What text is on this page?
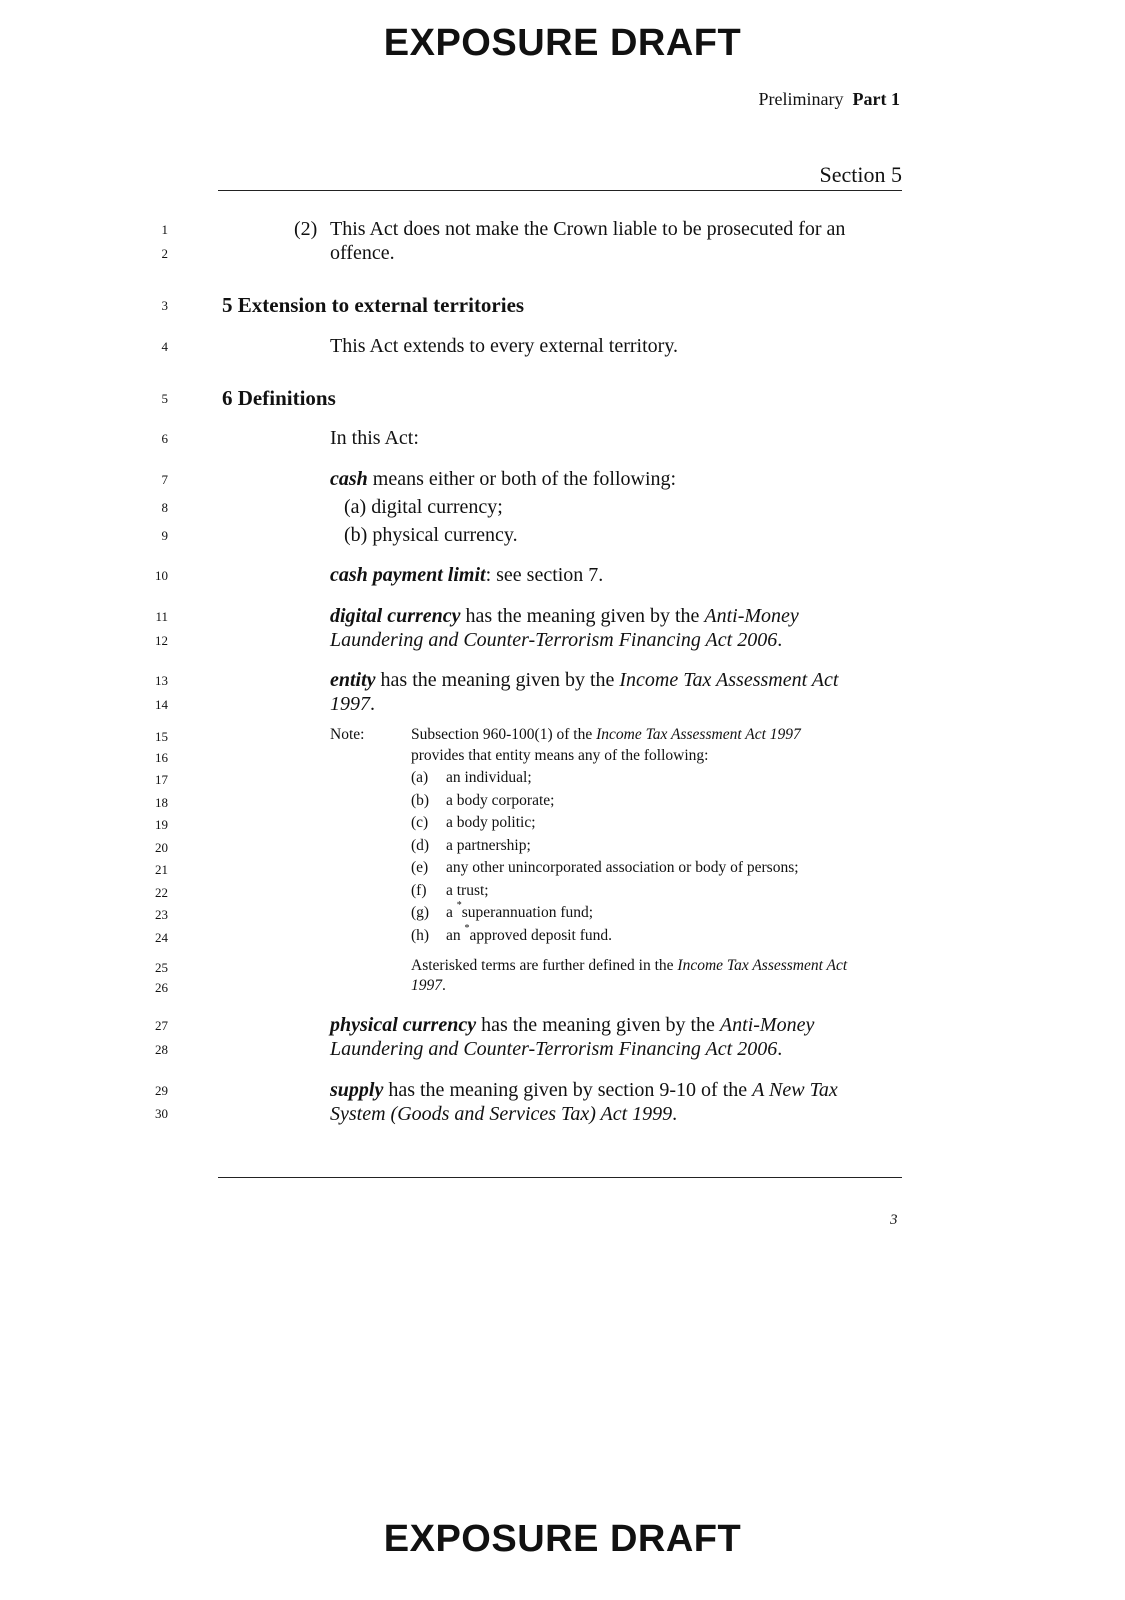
EXPOSURE DRAFT
Preliminary Part 1
Section 5
1
2
3
4
5
6
7
8
9
10
11
12
13
14
15
16
17
18
19
20
21
22
23
24
25
26
27
28
29
30
(2) This Act does not make the Crown liable to be prosecuted for an
offence.
5 Extension to external territories
This Act extends to every external territory.
6 Definitions
In this Act:
cash means either or both of the following:
(a) digital currency;
(b) physical currency.
cash payment limit: see section 7.
digital currency has the meaning given by the Anti-Money
Laundering and Counter-Terrorism Financing Act 2006.
entity has the meaning given by the Income Tax Assessment Act
1997.
Note:	Subsection 960-100(1) of the Income Tax Assessment Act 1997
provides that entity means any of the following:
(a) an individual;
(b) a body corporate;
(c) a body politic;
(d) a partnership;
(e) any other unincorporated association or body of persons;
(f) a trust;
(g) a *superannuation fund;
(h) an *approved deposit fund.
Asterisked terms are further defined in the Income Tax Assessment Act
1997.
physical currency has the meaning given by the Anti-Money
Laundering and Counter-Terrorism Financing Act 2006.
supply has the meaning given by section 9-10 of the A New Tax
System (Goods and Services Tax) Act 1999.
3
EXPOSURE DRAFT
